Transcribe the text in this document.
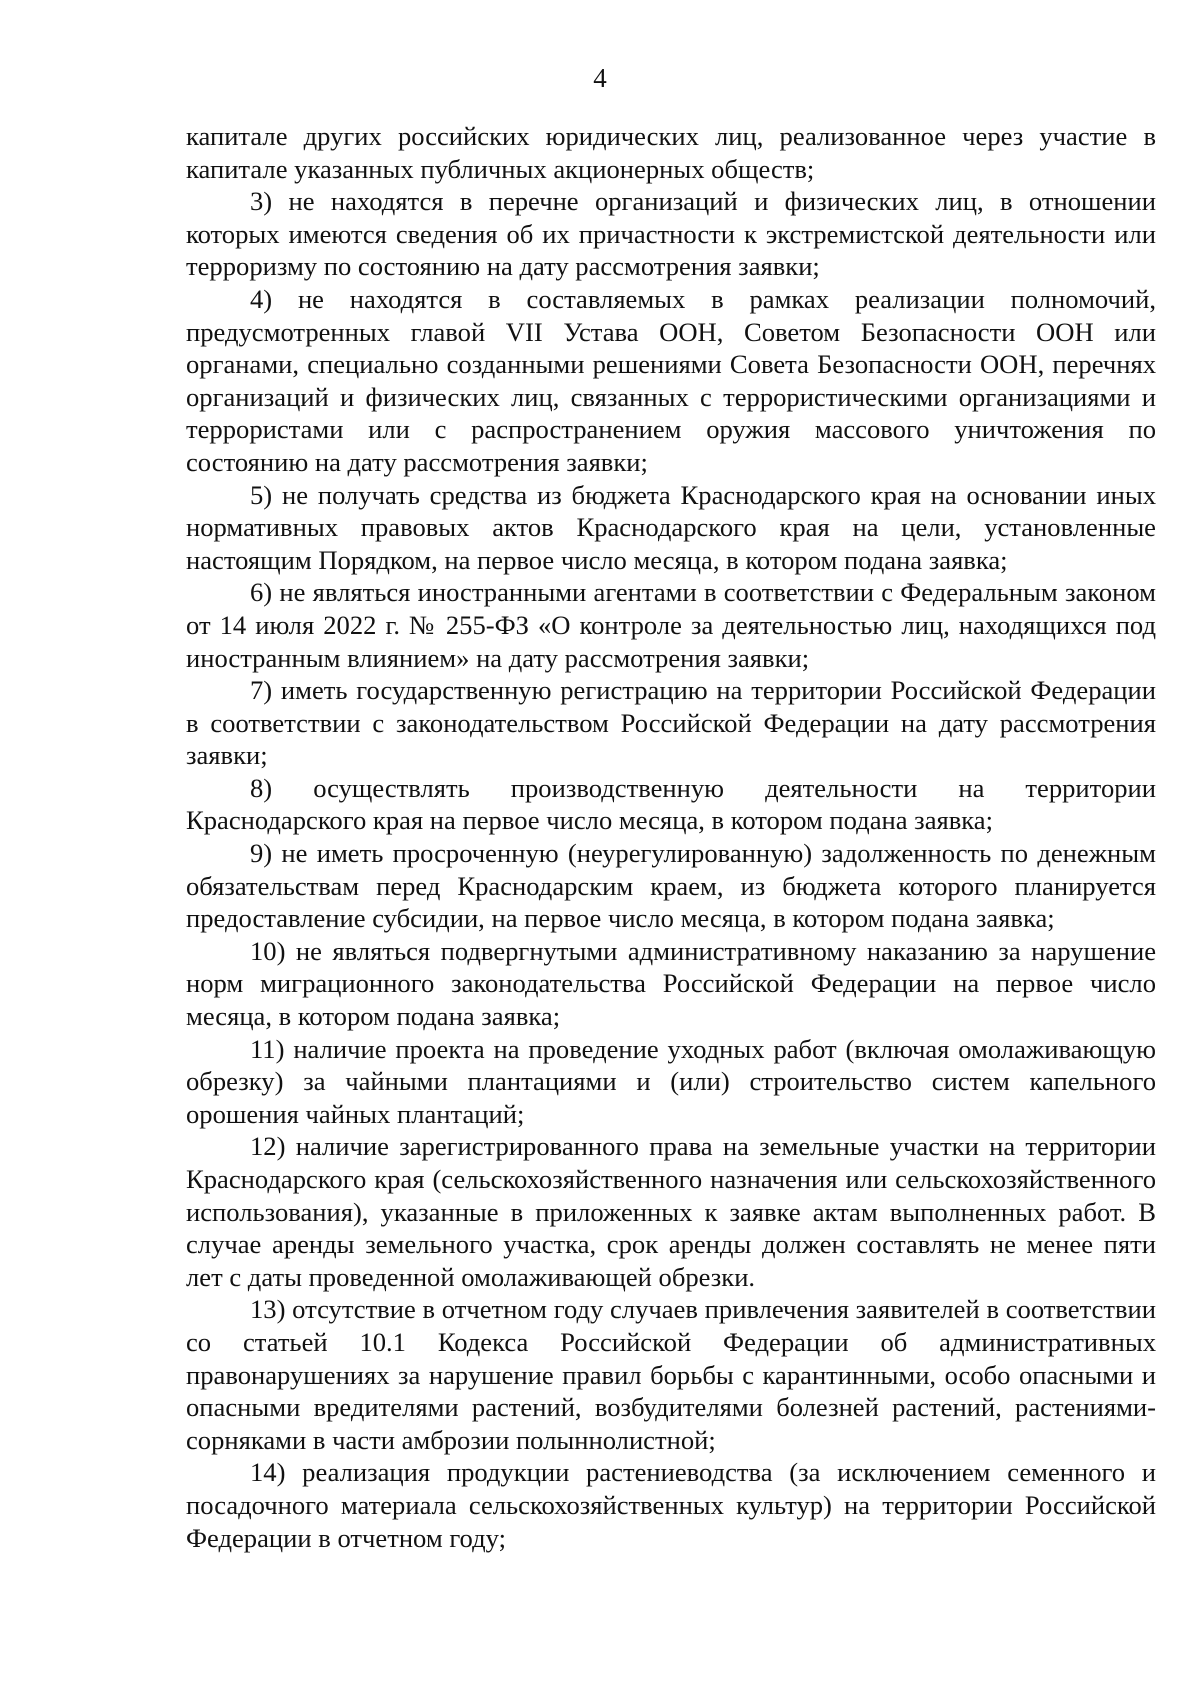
4

капитале других российских юридических лиц, реализованное через участие в капитале указанных публичных акционерных обществ;

3) не находятся в перечне организаций и физических лиц, в отношении которых имеются сведения об их причастности к экстремистской деятельности или терроризму по состоянию на дату рассмотрения заявки;

4) не находятся в составляемых в рамках реализации полномочий, предусмотренных главой VII Устава ООН, Советом Безопасности ООН или органами, специально созданными решениями Совета Безопасности ООН, перечнях организаций и физических лиц, связанных с террористическими организациями и террористами или с распространением оружия массового уничтожения по состоянию на дату рассмотрения заявки;

5) не получать средства из бюджета Краснодарского края на основании иных нормативных правовых актов Краснодарского края на цели, установленные настоящим Порядком, на первое число месяца, в котором подана заявка;

6) не являться иностранными агентами в соответствии с Федеральным законом от 14 июля 2022 г. № 255-ФЗ «О контроле за деятельностью лиц, находящихся под иностранным влиянием» на дату рассмотрения заявки;

7) иметь государственную регистрацию на территории Российской Федерации в соответствии с законодательством Российской Федерации на дату рассмотрения заявки;

8) осуществлять производственную деятельности на территории Краснодарского края на первое число месяца, в котором подана заявка;

9) не иметь просроченную (неурегулированную) задолженность по денежным обязательствам перед Краснодарским краем, из бюджета которого планируется предоставление субсидии, на первое число месяца, в котором подана заявка;

10) не являться подвергнутыми административному наказанию за нарушение норм миграционного законодательства Российской Федерации на первое число месяца, в котором подана заявка;

11) наличие проекта на проведение уходных работ (включая омолаживающую обрезку) за чайными плантациями и (или) строительство систем капельного орошения чайных плантаций;

12) наличие зарегистрированного права на земельные участки на территории Краснодарского края (сельскохозяйственного назначения или сельскохозяйственного использования), указанные в приложенных к заявке актам выполненных работ. В случае аренды земельного участка, срок аренды должен составлять не менее пяти лет с даты проведенной омолаживающей обрезки.

13) отсутствие в отчетном году случаев привлечения заявителей в соответствии со статьей 10.1 Кодекса Российской Федерации об административных правонарушениях за нарушение правил борьбы с карантинными, особо опасными и опасными вредителями растений, возбудителями болезней растений, растениями-сорняками в части амброзии полыннолистной;

14) реализация продукции растениеводства (за исключением семенного и посадочного материала сельскохозяйственных культур) на территории Российской Федерации в отчетном году;
